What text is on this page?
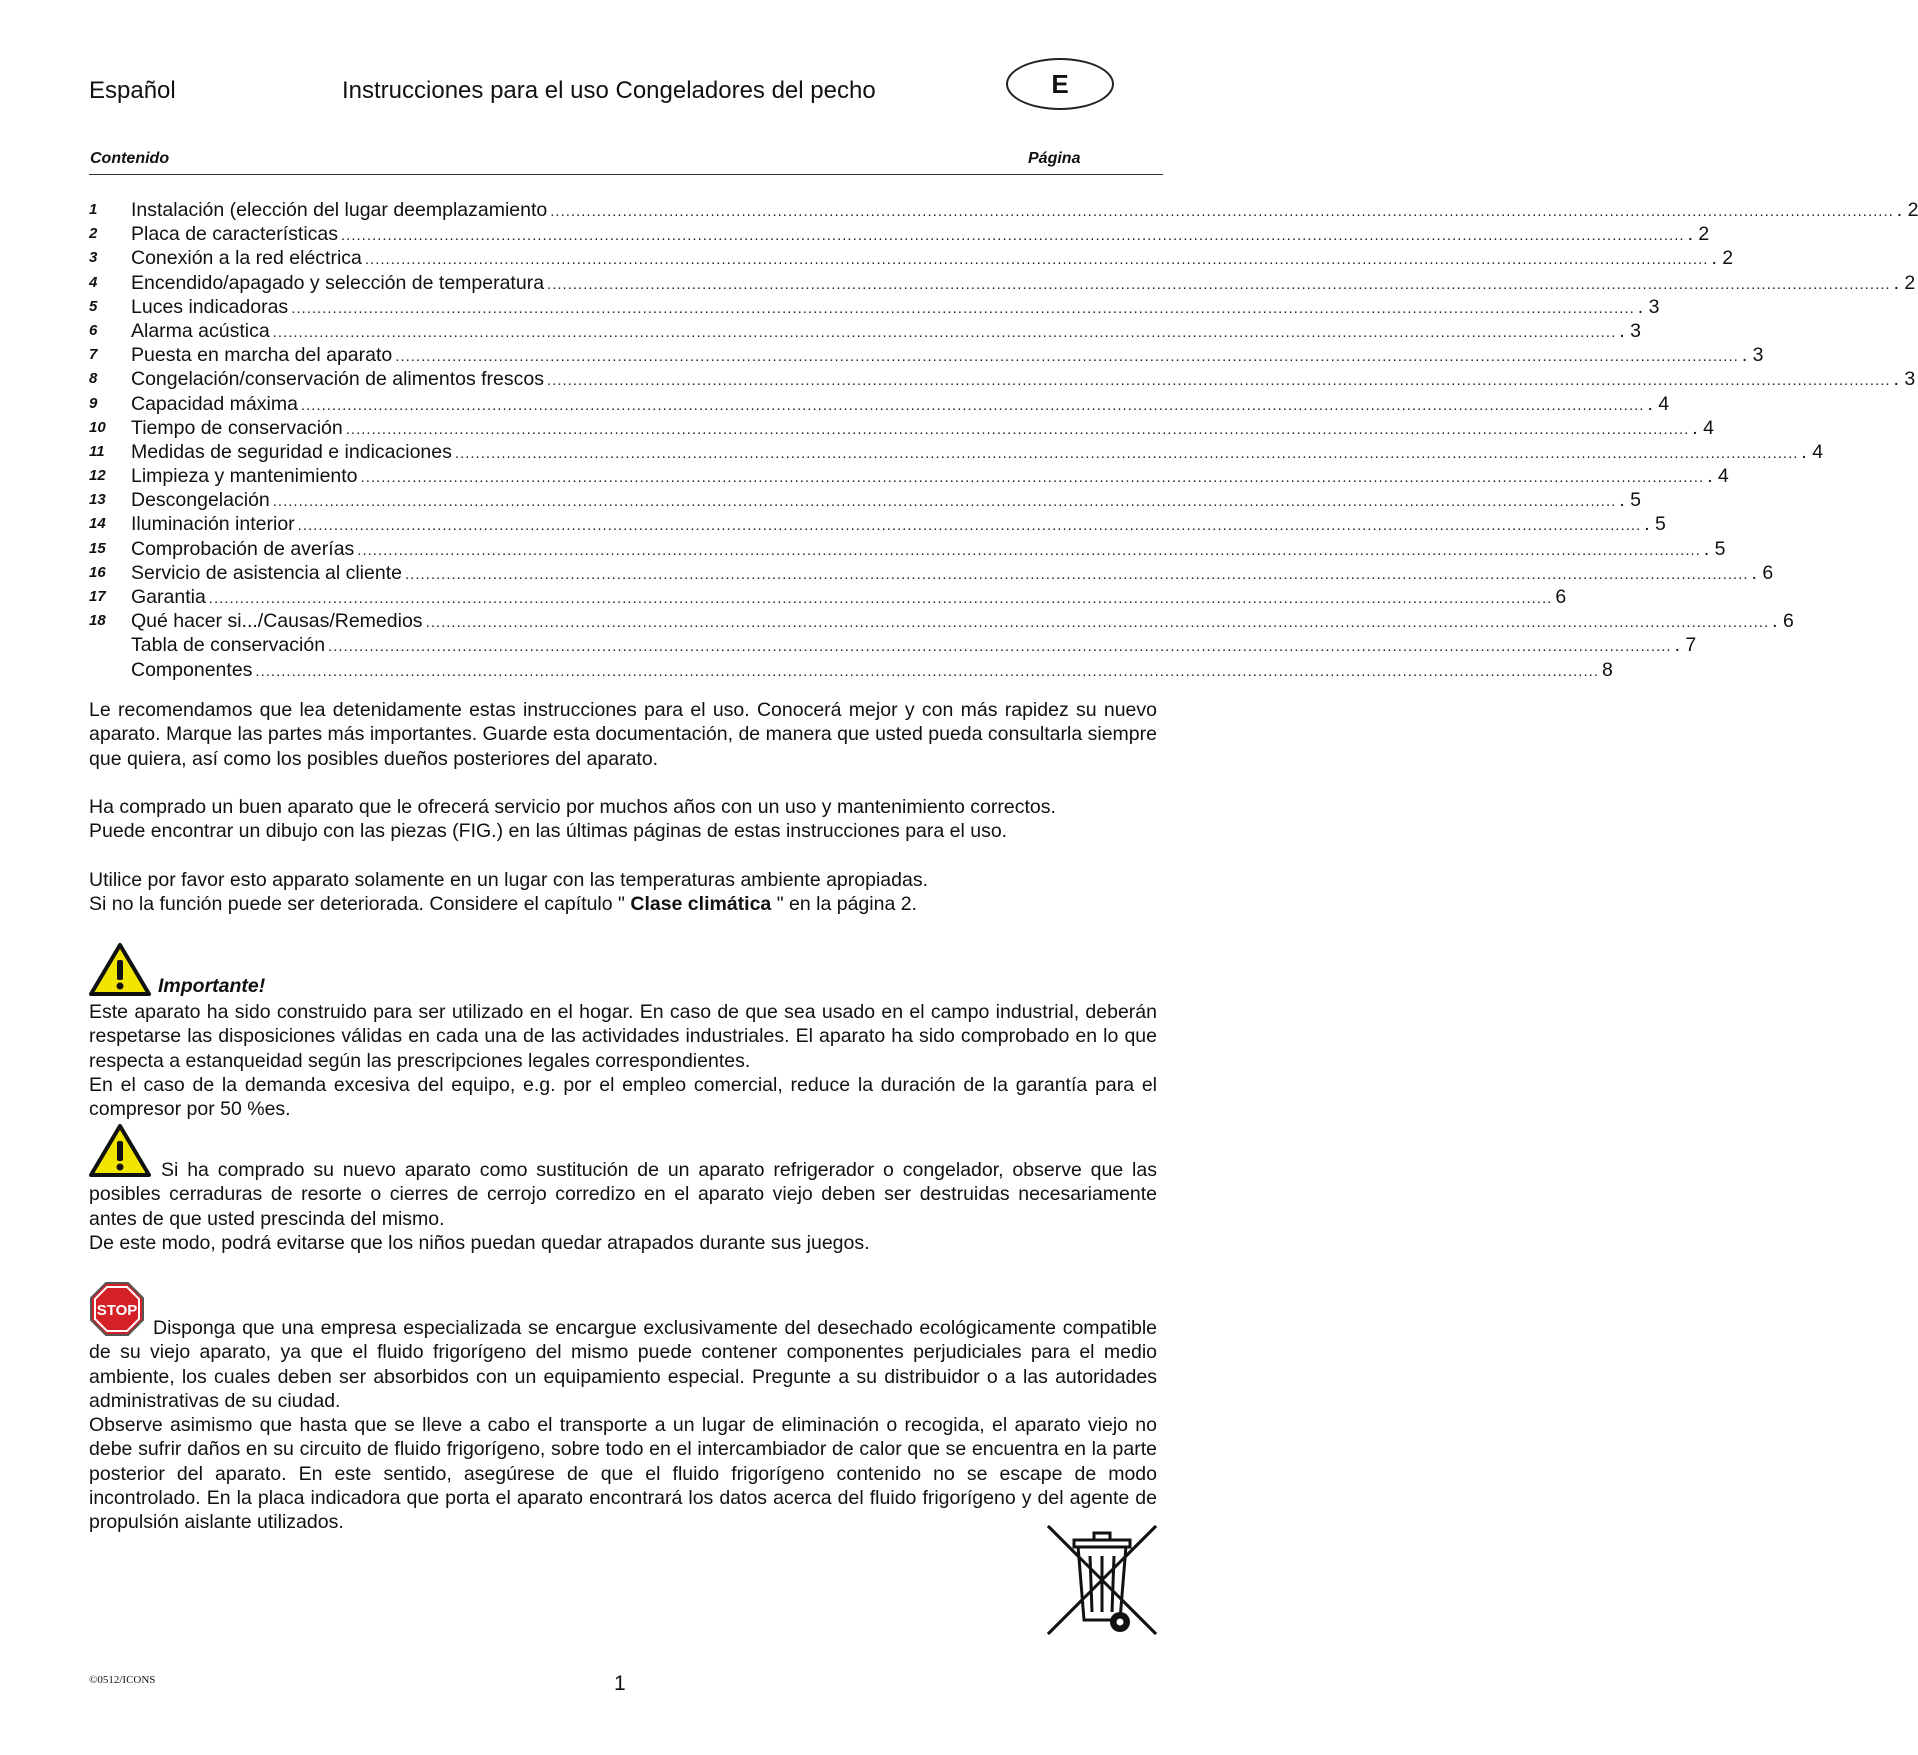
Español	Instrucciones para el uso Congeladores del pecho	E
Contenido	Página
1	Instalación (elección del lugar deemplazamiento .................................................................................................................................................................................................................................................................... . 2
2	Placa de características .................................................................................................................................................................................................................................................................... . 2
3	Conexión a la red eléctrica .................................................................................................................................................................................................................................................................... . 2
4	Encendido/apagado y selección de temperatura .................................................................................................................................................................................................................................................................... . 2
5	Luces indicadoras .................................................................................................................................................................................................................................................................... . 3
6	Alarma acústica .................................................................................................................................................................................................................................................................... . 3
7	Puesta en marcha del aparato .................................................................................................................................................................................................................................................................... . 3
8	Congelación/conservación de alimentos frescos .................................................................................................................................................................................................................................................................... . 3
9	Capacidad máxima .................................................................................................................................................................................................................................................................... . 4
10	Tiempo de conservación .................................................................................................................................................................................................................................................................... . 4
11	Medidas de seguridad e indicaciones .................................................................................................................................................................................................................................................................... . 4
12	Limpieza y mantenimiento .................................................................................................................................................................................................................................................................... . 4
13	Descongelación .................................................................................................................................................................................................................................................................... . 5
14	Iluminación interior .................................................................................................................................................................................................................................................................... . 5
15	Comprobación de averías .................................................................................................................................................................................................................................................................... . 5
16	Servicio de asistencia al cliente .................................................................................................................................................................................................................................................................... . 6
17	Garantia .................................................................................................................................................................................................................................................................... 6
18	Qué hacer si.../Causas/Remedios .................................................................................................................................................................................................................................................................... . 6
Tabla de conservación .................................................................................................................................................................................................................................................................... . 7
Componentes .................................................................................................................................................................................................................................................................... 8

Le recomendamos que lea detenidamente estas instrucciones para el uso. Conocerá mejor y con más rapidez su nuevo aparato. Marque las partes más importantes. Guarde esta documentación, de manera que usted pueda consultarla siempre que quiera, así como los posibles dueños posteriores del aparato.

Ha comprado un buen aparato que le ofrecerá servicio por muchos años con un uso y mantenimiento correctos.

Puede encontrar un dibujo con las piezas (FIG.) en las últimas páginas de estas instrucciones para el uso.

Utilice por favor esto apparato solamente en un lugar con las temperaturas ambiente apropiadas.

Si no la función puede ser deteriorada. Considere el capítulo " Clase climática " en la página 2.

Importante!

Este aparato ha sido construido para ser utilizado en el hogar. En caso de que sea usado en el campo industrial, deberán respetarse las disposiciones válidas en cada una de las actividades industriales. El aparato ha sido comprobado en lo que respecta a estanqueidad según las prescripciones legales correspondientes.

En el caso de la demanda excesiva del equipo, e.g. por el empleo comercial, reduce la duración de la garantía para el compresor por 50 %es.

Si ha comprado su nuevo aparato como sustitución de un aparato refrigerador o congelador, observe que las posibles cerraduras de resorte o cierres de cerrojo corredizo en el aparato viejo deben ser destruidas necesariamente antes de que usted prescinda del mismo.

De este modo, podrá evitarse que los niños puedan quedar atrapados durante sus juegos.

STOP

Disponga que una empresa especializada se encargue exclusivamente del desechado ecológicamente compatible de su viejo aparato, ya que el fluido frigorígeno del mismo puede contener componentes perjudiciales para el medio ambiente, los cuales deben ser absorbidos con un equipamiento especial. Pregunte a su distribuidor o a las autoridades administrativas de su ciudad.

Observe asimismo que hasta que se lleve a cabo el transporte a un lugar de eliminación o recogida, el aparato viejo no debe sufrir daños en su circuito de fluido frigorígeno, sobre todo en el intercambiador de calor que se encuentra en la parte posterior del aparato. En este sentido, asegúrese de que el fluido frigorígeno contenido no se escape de modo incontrolado. En la placa indicadora que porta el aparato encontrará los datos acerca del fluido frigorígeno y del agente de propulsión aislante utilizados.

©0512/ICONS	1
